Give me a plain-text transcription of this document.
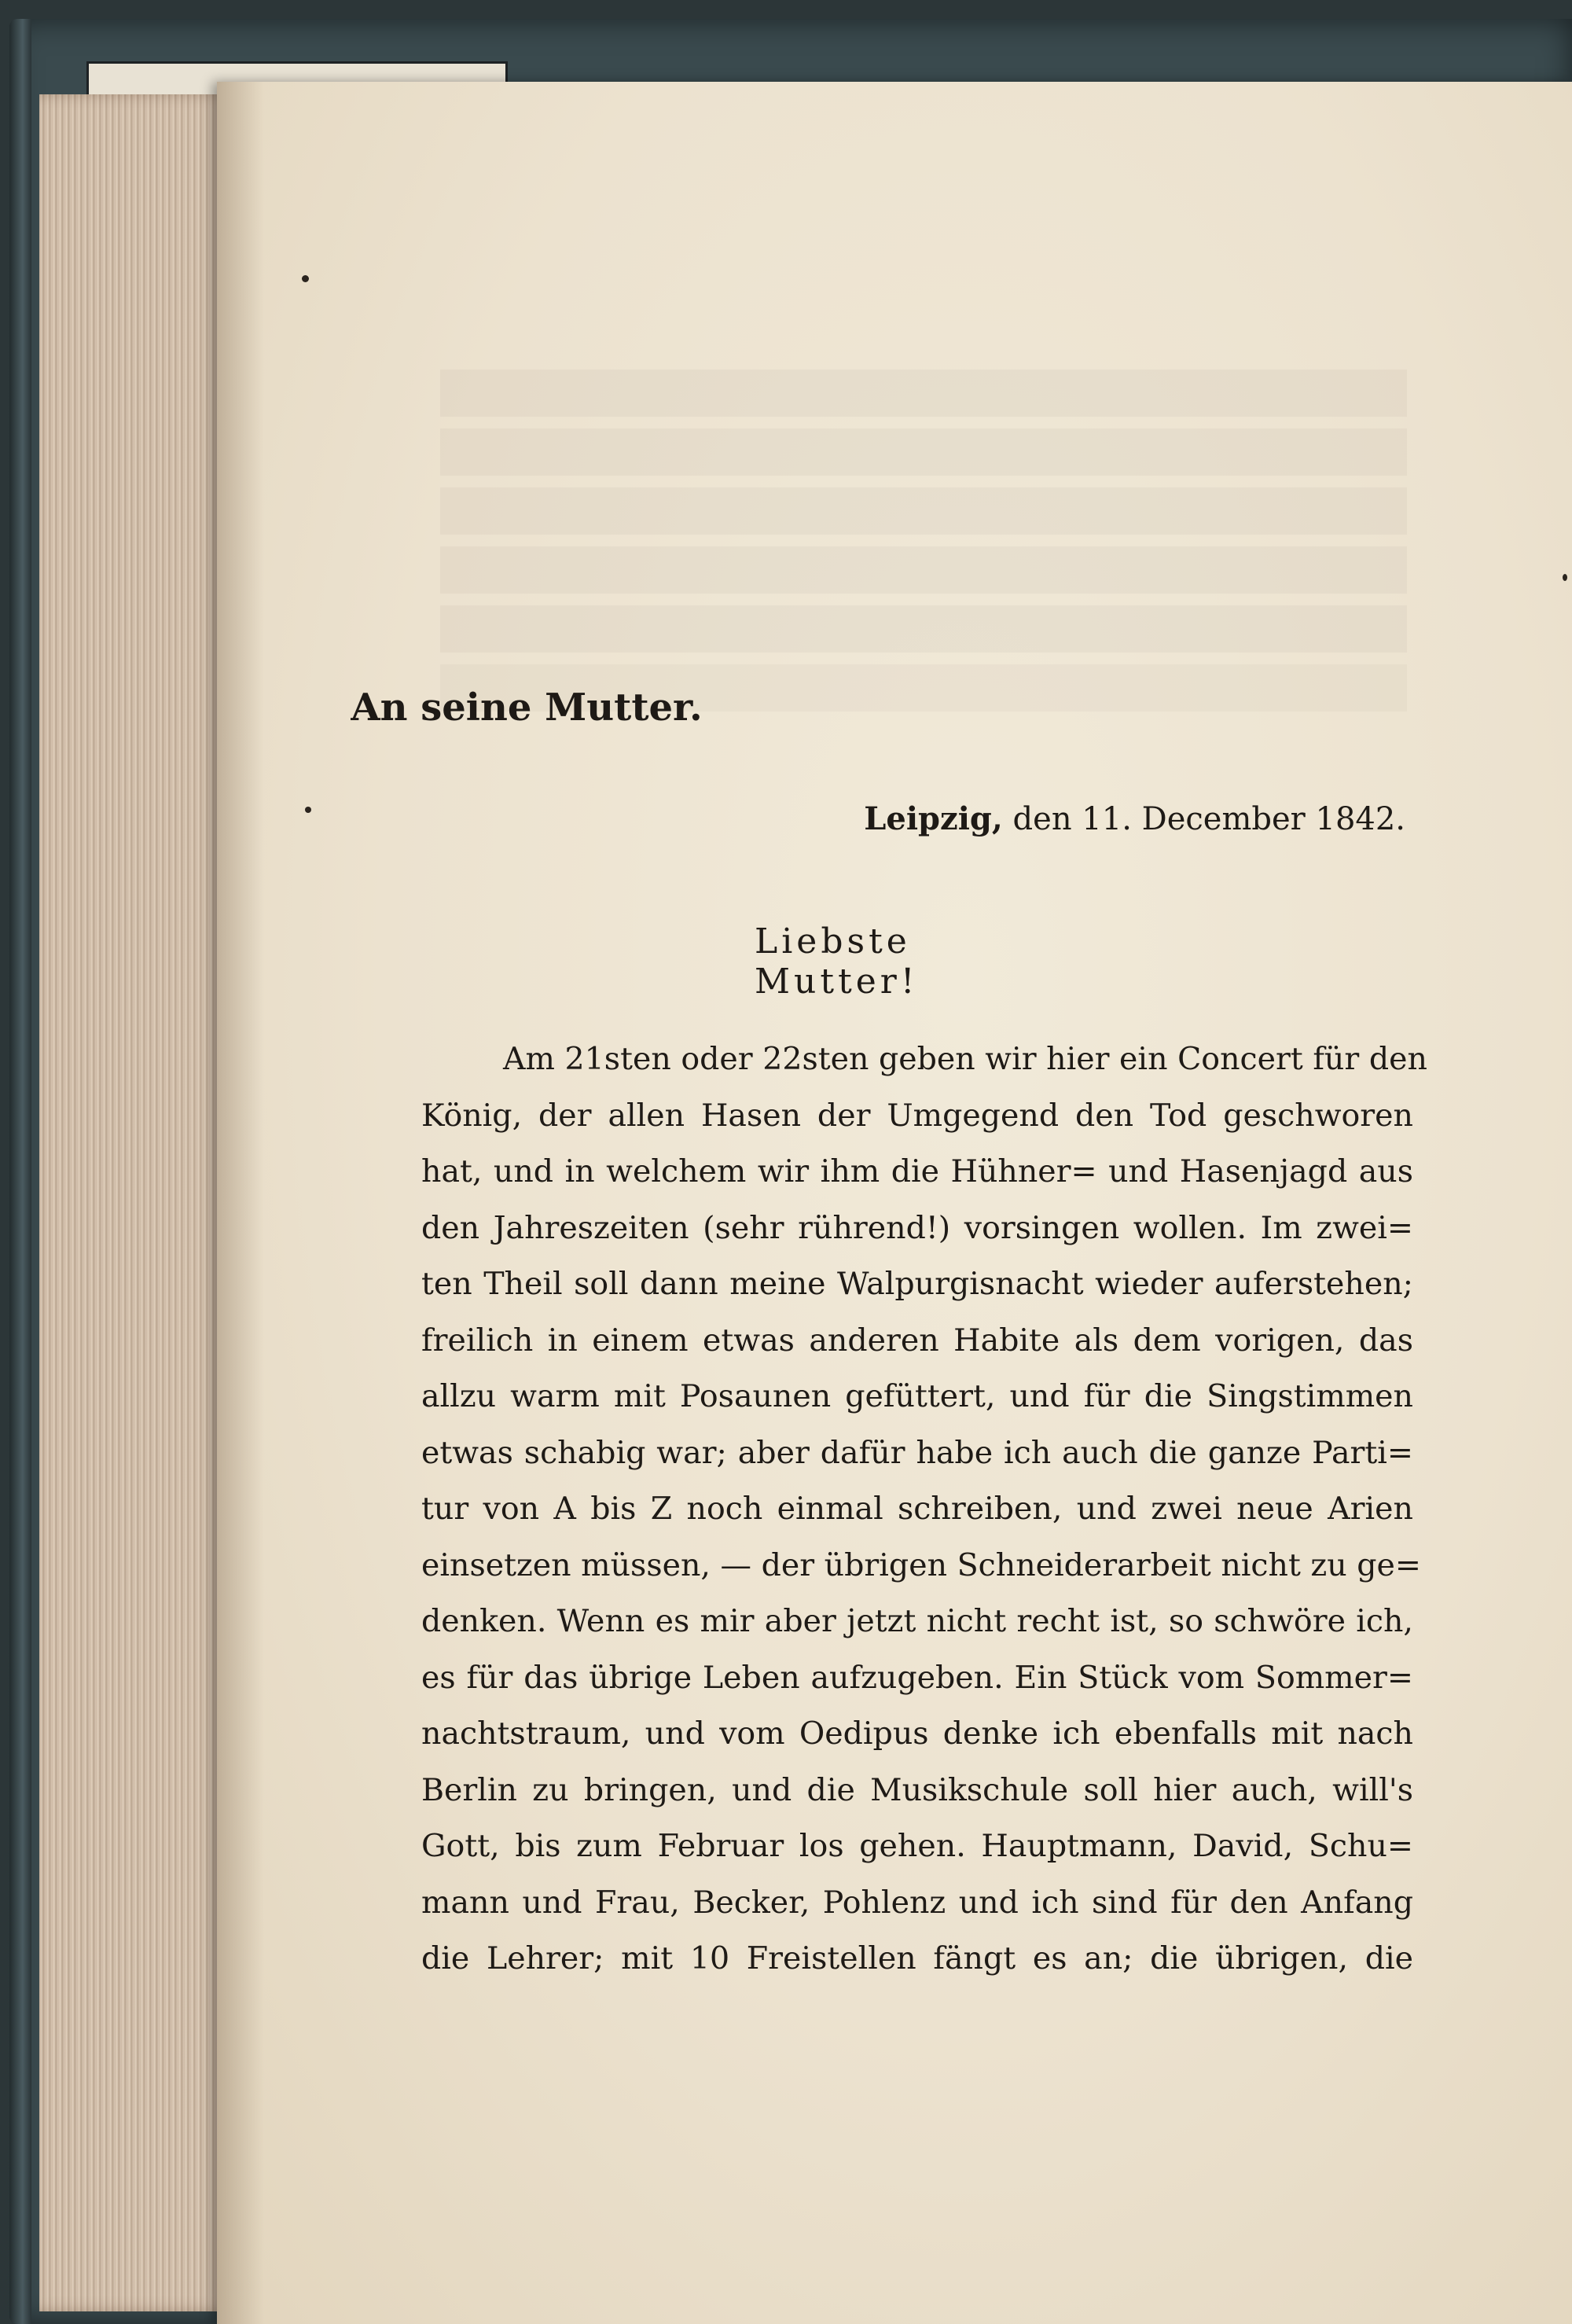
An seine Mutter.
Leipzig, den 11. December 1842.
Liebste Mutter!
Am 21sten oder 22sten geben wir hier ein Concert für den
König, der allen Hasen der Umgegend den Tod geschworen
hat, und in welchem wir ihm die Hühner= und Hasenjagd aus
den Jahreszeiten (sehr rührend!) vorsingen wollen. Im zwei=
ten Theil soll dann meine Walpurgisnacht wieder auferstehen;
freilich in einem etwas anderen Habite als dem vorigen, das
allzu warm mit Posaunen gefüttert, und für die Singstimmen
etwas schabig war; aber dafür habe ich auch die ganze Parti=
tur von A bis Z noch einmal schreiben, und zwei neue Arien
einsetzen müssen, — der übrigen Schneiderarbeit nicht zu ge=
denken. Wenn es mir aber jetzt nicht recht ist, so schwöre ich,
es für das übrige Leben aufzugeben. Ein Stück vom Sommer=
nachtstraum, und vom Oedipus denke ich ebenfalls mit nach
Berlin zu bringen, und die Musikschule soll hier auch, will's
Gott, bis zum Februar los gehen. Hauptmann, David, Schu=
mann und Frau, Becker, Pohlenz und ich sind für den Anfang
die Lehrer; mit 10 Freistellen fängt es an; die übrigen, die
